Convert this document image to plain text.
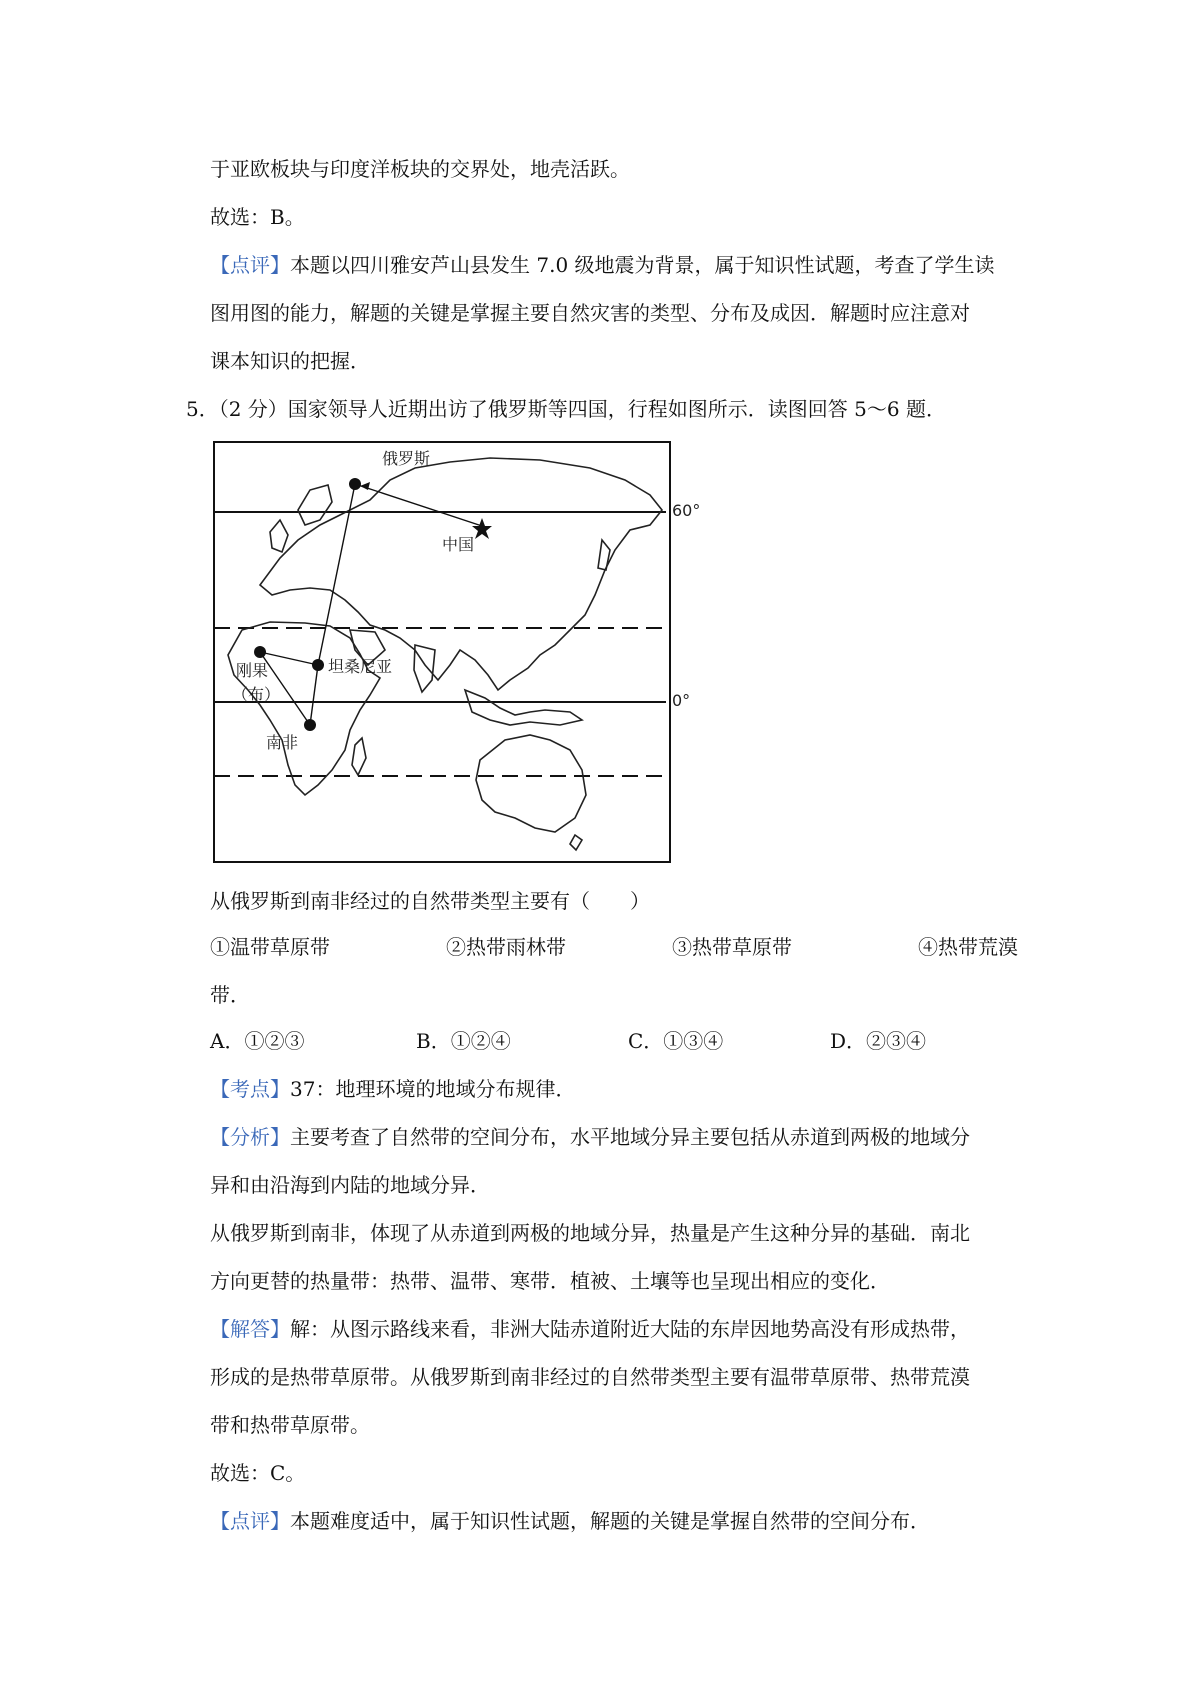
于亚欧板块与印度洋板块的交界处，地壳活跃。
故选：B。
【点评】本题以四川雅安芦山县发生 7.0 级地震为背景，属于知识性试题，考查了学生读
图用图的能力，解题的关键是掌握主要自然灾害的类型、分布及成因．解题时应注意对
课本知识的把握．
5．（2 分）国家领导人近期出访了俄罗斯等四国，行程如图所示．读图回答 5～6 题．
60°
0°
俄罗斯
中国
坦桑尼亚
刚果
（布）
南非
从俄罗斯到南非经过的自然带类型主要有（　　）
①温带草原带	②热带雨林带	③热带草原带	④热带荒漠
带．
A．①②③	B．①②④	C．①③④	D．②③④
【考点】37：地理环境的地域分布规律．
【分析】主要考查了自然带的空间分布，水平地域分异主要包括从赤道到两极的地域分
异和由沿海到内陆的地域分异．
从俄罗斯到南非，体现了从赤道到两极的地域分异，热量是产生这种分异的基础．南北
方向更替的热量带：热带、温带、寒带．植被、土壤等也呈现出相应的变化．
【解答】解：从图示路线来看，非洲大陆赤道附近大陆的东岸因地势高没有形成热带，
形成的是热带草原带。从俄罗斯到南非经过的自然带类型主要有温带草原带、热带荒漠
带和热带草原带。
故选：C。
【点评】本题难度适中，属于知识性试题，解题的关键是掌握自然带的空间分布．
